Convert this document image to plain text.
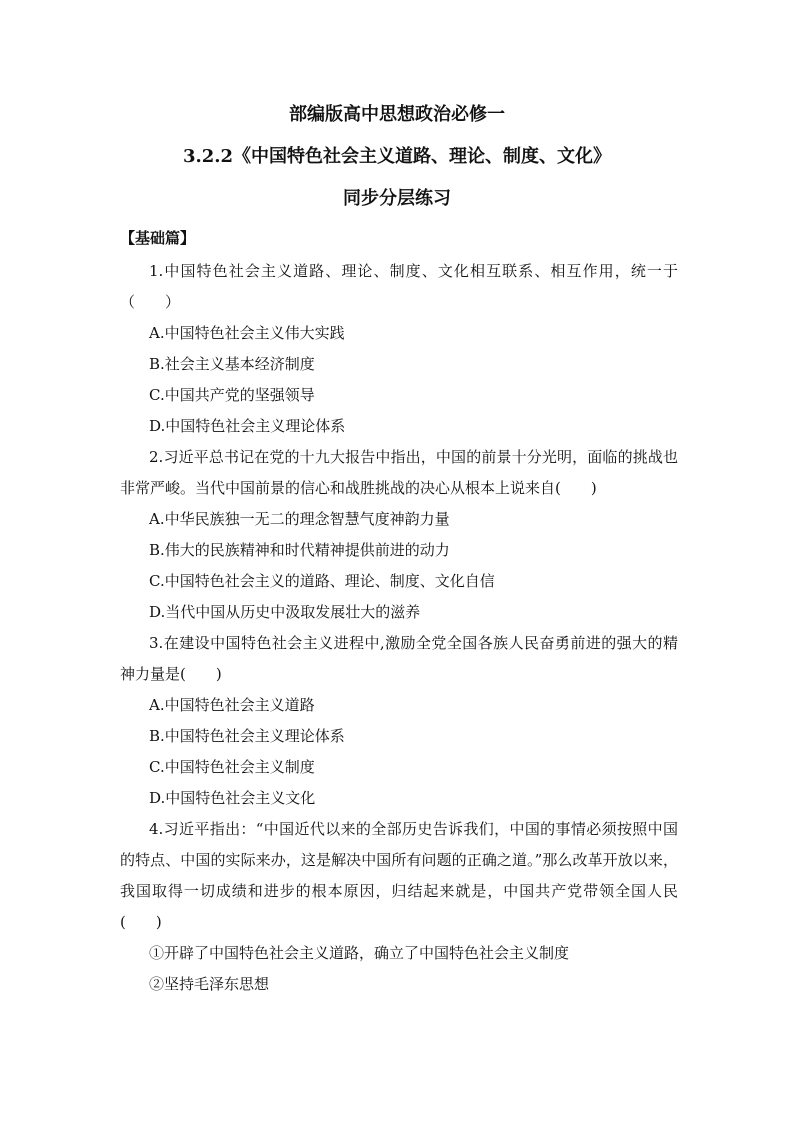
部编版高中思想政治必修一
3.2.2《中国特色社会主义道路、理论、制度、文化》
同步分层练习
【基础篇】

1.中国特色社会主义道路、理论、制度、文化相互联系、相互作用，统一于（　　）

A.中国特色社会主义伟大实践

B.社会主义基本经济制度

C.中国共产党的坚强领导

D.中国特色社会主义理论体系

2.习近平总书记在党的十九大报告中指出，中国的前景十分光明，面临的挑战也非常严峻。当代中国前景的信心和战胜挑战的决心从根本上说来自(　　)

A.中华民族独一无二的理念智慧气度神韵力量

B.伟大的民族精神和时代精神提供前进的动力

C.中国特色社会主义的道路、理论、制度、文化自信

D.当代中国从历史中汲取发展壮大的滋养

3.在建设中国特色社会主义进程中,激励全党全国各族人民奋勇前进的强大的精神力量是(　　)

A.中国特色社会主义道路

B.中国特色社会主义理论体系

C.中国特色社会主义制度

D.中国特色社会主义文化

4.习近平指出：“中国近代以来的全部历史告诉我们，中国的事情必须按照中国的特点、中国的实际来办，这是解决中国所有问题的正确之道。”那么改革开放以来，我国取得一切成绩和进步的根本原因，归结起来就是，中国共产党带领全国人民(　　)

①开辟了中国特色社会主义道路，确立了中国特色社会主义制度

②坚持毛泽东思想
